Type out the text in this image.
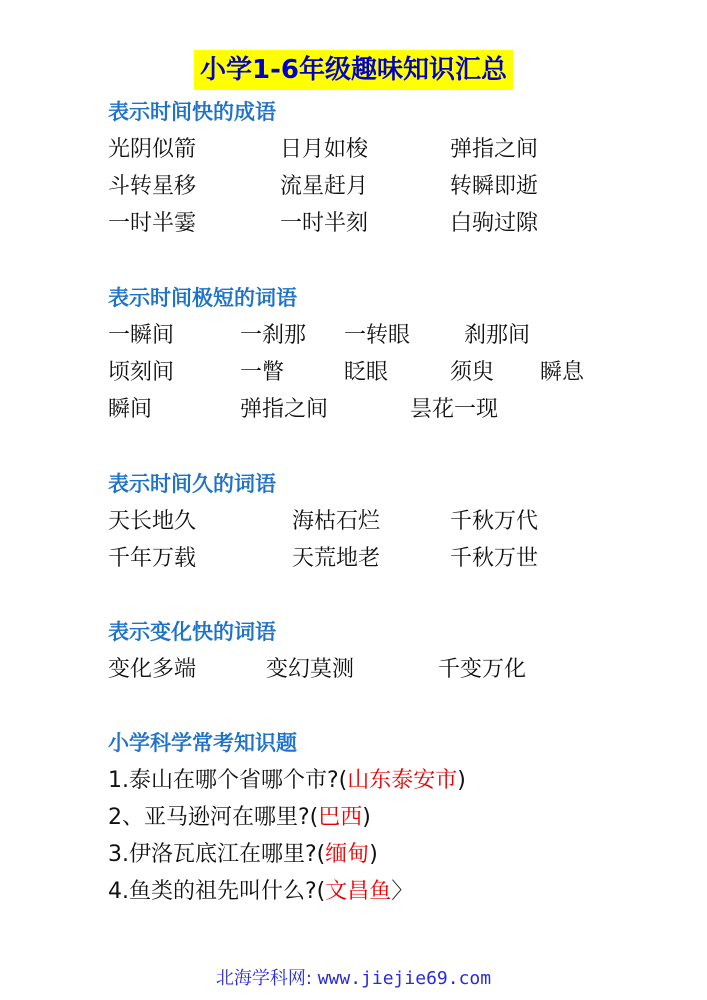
小学1-6年级趣味知识汇总
表示时间快的成语
光阴似箭	日月如梭	弹指之间
斗转星移	流星赶月	转瞬即逝
一时半霎	一时半刻	白驹过隙
表示时间极短的词语
一瞬间	一刹那 一转眼 刹那间
顷刻间	一瞥	眨眼	须臾 瞬息
瞬间	弹指之间	昙花一现
表示时间久的词语
天长地久	海枯石烂	千秋万代
千年万载	天荒地老	千秋万世
表示变化快的词语
变化多端	变幻莫测	千变万化
小学科学常考知识题
1.泰山在哪个省哪个市?(山东泰安市)
2、亚马逊河在哪里?(巴西)
3.伊洛瓦底江在哪里?(缅甸)
4.鱼类的祖先叫什么?(文昌鱼〉
北海学科网: www.jiejie69.com
